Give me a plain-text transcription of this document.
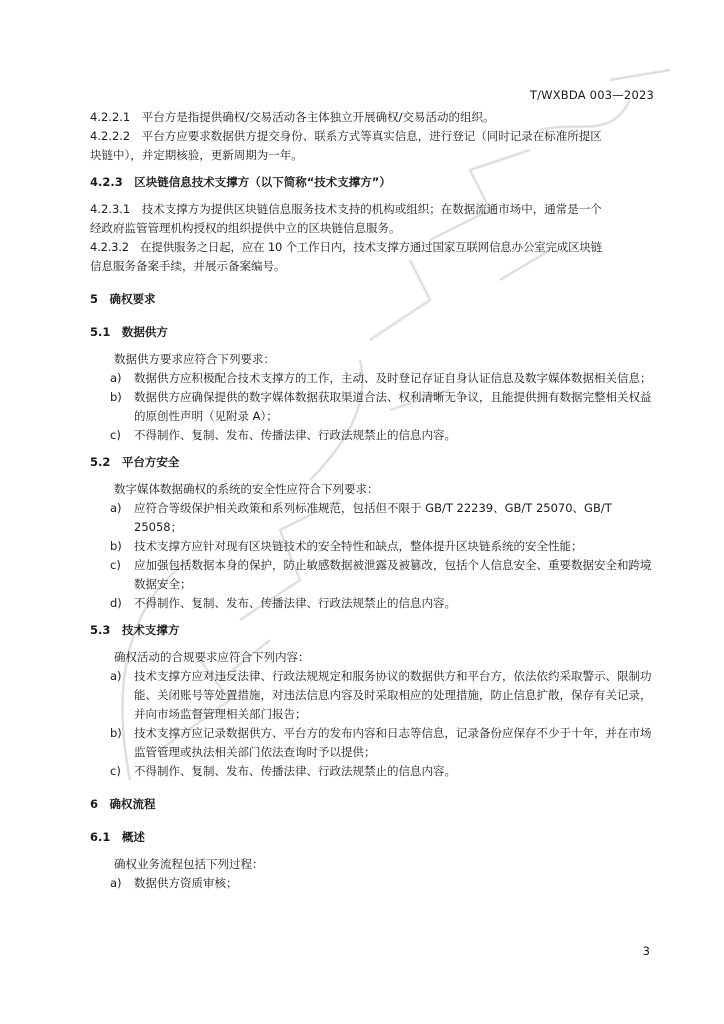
T/WXBDA 003—2023
4.2.2.1　平台方是指提供确权/交易活动各主体独立开展确权/交易活动的组织。
4.2.2.2　平台方应要求数据供方提交身份、联系方式等真实信息，进行登记（同时记录在标准所提区
块链中），并定期核验，更新周期为一年。
4.2.3　区块链信息技术支撑方（以下简称“技术支撑方”）
4.2.3.1　技术支撑方为提供区块链信息服务技术支持的机构或组织；在数据流通市场中，通常是一个
经政府监管管理机构授权的组织提供中立的区块链信息服务。
4.2.3.2　在提供服务之日起，应在 10 个工作日内，技术支撑方通过国家互联网信息办公室完成区块链
信息服务备案手续，并展示备案编号。
5　确权要求
5.1　数据供方
数据供方要求应符合下列要求：
a)	数据供方应积极配合技术支撑方的工作，主动、及时登记存证自身认证信息及数字媒体数据相关信息；
b)	数据供方应确保提供的数字媒体数据获取渠道合法、权利清晰无争议，且能提供拥有数据完整相关权益的原创性声明（见附录 A）；
c)	不得制作、复制、发布、传播法律、行政法规禁止的信息内容。
5.2　平台方安全
数字媒体数据确权的系统的安全性应符合下列要求：
a)	应符合等级保护相关政策和系列标准规范，包括但不限于 GB/T 22239、GB/T 25070、GB/T 25058；
b)	技术支撑方应针对现有区块链技术的安全特性和缺点，整体提升区块链系统的安全性能；
c)	应加强包括数据本身的保护，防止敏感数据被泄露及被篡改，包括个人信息安全、重要数据安全和跨境数据安全；
d)	不得制作、复制、发布、传播法律、行政法规禁止的信息内容。
5.3　技术支撑方
确权活动的合规要求应符合下列内容：
a)	技术支撑方应对违反法律、行政法规规定和服务协议的数据供方和平台方，依法依约采取警示、限制功能、关闭账号等处置措施，对违法信息内容及时采取相应的处理措施，防止信息扩散，保存有关记录，并向市场监督管理相关部门报告；
b)	技术支撑方应记录数据供方、平台方的发布内容和日志等信息，记录备份应保存不少于十年，并在市场监管管理或执法相关部门依法查询时予以提供；
c)	不得制作、复制、发布、传播法律、行政法规禁止的信息内容。
6　确权流程
6.1　概述
确权业务流程包括下列过程：
a)	数据供方资质审核；
3
